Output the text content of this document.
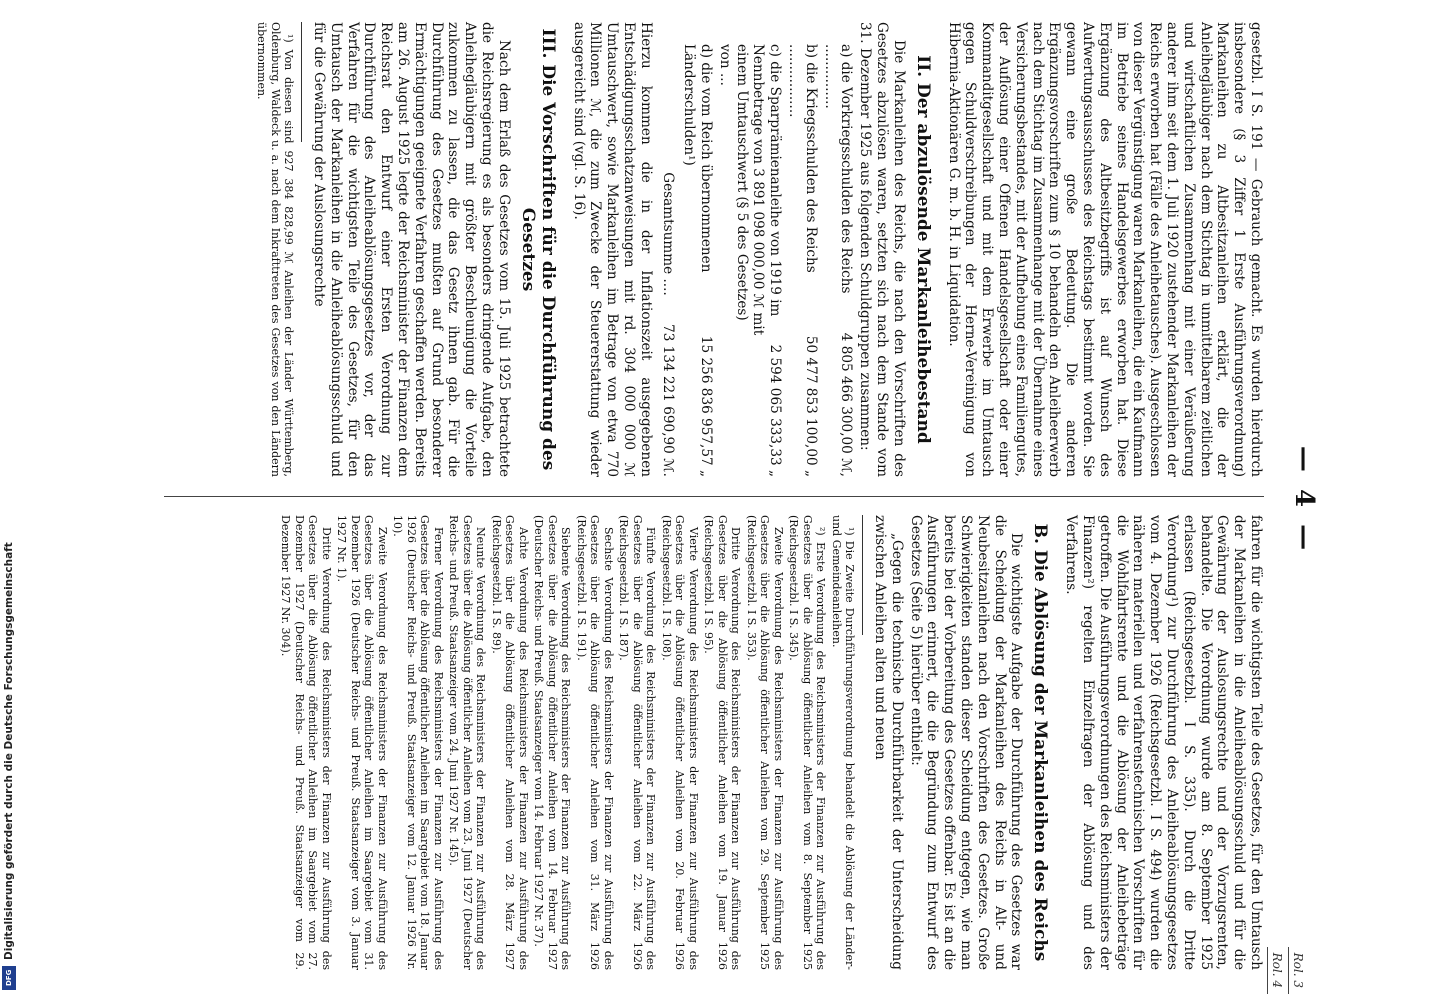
Digitalisierung gefördert durch die Deutsche Forschungsgemeinschaft
DFG
— 4 —
Rol. 3
Rol. 4

gesetzbl. I S. 191 — Gebrauch gemacht. Es wurden hierdurch insbesondere (§ 3 Ziffer 1 Erste Ausführungsverordnung) Markanleihen zu Altbesitzanleihen erklärt, die der Anleihegläubiger nach dem Stichtag in unmittelbarem zeitlichen und wirtschaftlichen Zusammenhang mit einer Veräußerung anderer ihm seit dem 1. Juli 1920 zustehender Markanleihen der Reichs erworben hat (Fälle des Anleihetausches). Ausgeschlossen von dieser Vergünstigung waren Markanleihen, die ein Kaufmann im Betriebe seines Handelsgewerbes erworben hat. Diese Ergänzung des Altbesitzbegriffs ist auf Wunsch des Aufwertungsausschusses des Reichstags bestimmt worden. Sie gewann eine große Bedeutung. Die anderen Ergänzungsvorschriften zum § 10 behandeln den Anleiheerwerb nach dem Stichtag im Zusammenhange mit der Übernahme eines Versicherungsbestandes, mit der Aufhebung eines Familiengutes, der Auflösung einer Offenen Handelsgesellschaft oder einer Kommanditgesellschaft und mit dem Erwerbe im Umtausch gegen Schuldverschreibungen der Herne-Vereinigung von Hibernia-Aktionären G. m. b. H. in Liquidation.

II. Der abzulösende Markanleihebestand

Die Markanleihen des Reichs, die nach den Vorschriften des Gesetzes abzulösen waren, setzten sich nach dem Stande vom 31. Dezember 1925 aus folgenden Schuldgruppen zusammen:

a) die Vorkriegsschulden des Reichs ...............
4 805 466 300,00 ℳ,
b) die Kriegsschulden des Reichs .................
50 477 853 100,00 „
c) die Sparprämienanleihe von 1919 im Nennbetrage von 3 891 098 000,00 ℳ mit einem Umtauschwert (§ 5 des Gesetzes) von ...
2 594 065 333,33 „
d) die vom Reich übernommenen Länderschulden¹)
15 256 836 957,57 „
Gesamtsumme .... 73 134 221 690,90 ℳ.

Hierzu kommen die in der Inflationszeit ausgegebenen Entschädigungsschatzanweisungen mit rd. 304 000 000 ℳ Umtauschwert, sowie Markanleihen im Betrage von etwa 770 Millionen ℳ, die zum Zwecke der Steuererstattung wieder ausgereicht sind (vgl. S. 16).

III. Die Vorschriften für die Durchführung des Gesetzes

Nach dem Erlaß des Gesetzes vom 15. Juli 1925 betrachtete die Reichsregierung es als besonders dringende Aufgabe, den Anleihegläubigern mit größter Beschleunigung die Vorteile zukommen zu lassen, die das Gesetz ihnen gab. Für die Durchführung des Gesetzes mußten auf Grund besonderer Ermächtigungen geeignete Verfahren geschaffen werden. Bereits am 26. August 1925 legte der Reichsminister der Finanzen dem Reichsrat den Entwurf einer Ersten Verordnung zur Durchführung des Anleiheablösungsgesetzes vor, der das Verfahren für die wichtigsten Teile des Gesetzes, für den Umtausch der Markanleihen in die Anleiheablösungsschuld und für die Gewährung der Auslosungsrechte

¹) Von diesen sind 927 384 828,99 ℳ Anleihen der Länder Württemberg, Oldenburg, Waldeck u. a. nach dem Inkrafttreten des Gesetzes von den Ländern übernommen.

fahren für die wichtigsten Teile des Gesetzes, für den Umtausch der Markanleihen in die Anleiheablösungsschuld und für die Gewährung der Auslosungsrechte und der Vorzugsrenten, behandelte. Die Verordnung wurde am 8. September 1925 erlassen (Reichsgesetzbl. I S. 335). Durch die Dritte Verordnung¹) zur Durchführung des Anleiheablösungsgesetzes vom 4. Dezember 1926 (Reichsgesetzbl. I S. 494) wurden die näheren materiellen und verfahrenstechnischen Vorschriften für die Wohlfahrtsrente und die Ablösung der Anleihebeträge getroffen. Die Ausführungsverordnungen des Reichsministers der Finanzen²) regelten Einzelfragen der Ablösung und des Verfahrens.

B. Die Ablösung der Markanleihen des Reichs

Die wichtigste Aufgabe der Durchführung des Gesetzes war die Scheidung der Markanleihen des Reichs in Alt- und Neubesitzanleihen nach den Vorschriften des Gesetzes. Große Schwierigkeiten standen dieser Scheidung entgegen, wie man bereits bei der Vorbereitung des Gesetzes offenbar. Es ist an die Ausführungen erinnert, die die Begründung zum Entwurf des Gesetzes (Seite 5) hierüber enthielt:

„Gegen die technische Durchführbarkeit der Unterscheidung zwischen Anleihen alten und neuen

¹) Die Zweite Durchführungsverordnung behandelt die Ablösung der Länder- und Gemeindeanleihen.

²) Erste Verordnung des Reichsministers der Finanzen zur Ausführung des Gesetzes über die Ablösung öffentlicher Anleihen vom 8. September 1925 (Reichsgesetzbl. I S. 345).

Zweite Verordnung des Reichsministers der Finanzen zur Ausführung des Gesetzes über die Ablösung öffentlicher Anleihen vom 29. September 1925 (Reichsgesetzbl. I S. 353).

Dritte Verordnung des Reichsministers der Finanzen zur Ausführung des Gesetzes über die Ablösung öffentlicher Anleihen vom 19. Januar 1926 (Reichsgesetzbl. I S. 95).

Vierte Verordnung des Reichsministers der Finanzen zur Ausführung des Gesetzes über die Ablösung öffentlicher Anleihen vom 20. Februar 1926 (Reichsgesetzbl. I S. 108).

Fünfte Verordnung des Reichsministers der Finanzen zur Ausführung des Gesetzes über die Ablösung öffentlicher Anleihen vom 22. März 1926 (Reichsgesetzbl. I S. 187).

Sechste Verordnung des Reichsministers der Finanzen zur Ausführung des Gesetzes über die Ablösung öffentlicher Anleihen vom 31. März 1926 (Reichsgesetzbl. I S. 191).

Siebente Verordnung des Reichsministers der Finanzen zur Ausführung des Gesetzes über die Ablösung öffentlicher Anleihen vom 14. Februar 1927 (Deutscher Reichs- und Preuß. Staatsanzeiger vom 14. Februar 1927 Nr. 37).

Achte Verordnung des Reichsministers der Finanzen zur Ausführung des Gesetzes über die Ablösung öffentlicher Anleihen vom 28. März 1927 (Reichsgesetzbl. I S. 89).

Neunte Verordnung des Reichsministers der Finanzen zur Ausführung des Gesetzes über die Ablösung öffentlicher Anleihen vom 23. Juni 1927 (Deutscher Reichs- und Preuß. Staatsanzeiger vom 24. Juni 1927 Nr. 145).

Ferner Verordnung des Reichsministers der Finanzen zur Ausführung des Gesetzes über die Ablösung öffentlicher Anleihen im Saargebiet vom 18. Januar 1926 (Deutscher Reichs- und Preuß. Staatsanzeiger vom 12. Januar 1926 Nr. 10).

Zweite Verordnung des Reichsministers der Finanzen zur Ausführung des Gesetzes über die Ablösung öffentlicher Anleihen im Saargebiet vom 31. Dezember 1926 (Deutscher Reichs- und Preuß. Staatsanzeiger vom 3. Januar 1927 Nr. 1).

Dritte Verordnung des Reichsministers der Finanzen zur Ausführung des Gesetzes über die Ablösung öffentlicher Anleihen im Saargebiet vom 27. Dezember 1927 (Deutscher Reichs- und Preuß. Staatsanzeiger vom 29. Dezember 1927 Nr. 304).
